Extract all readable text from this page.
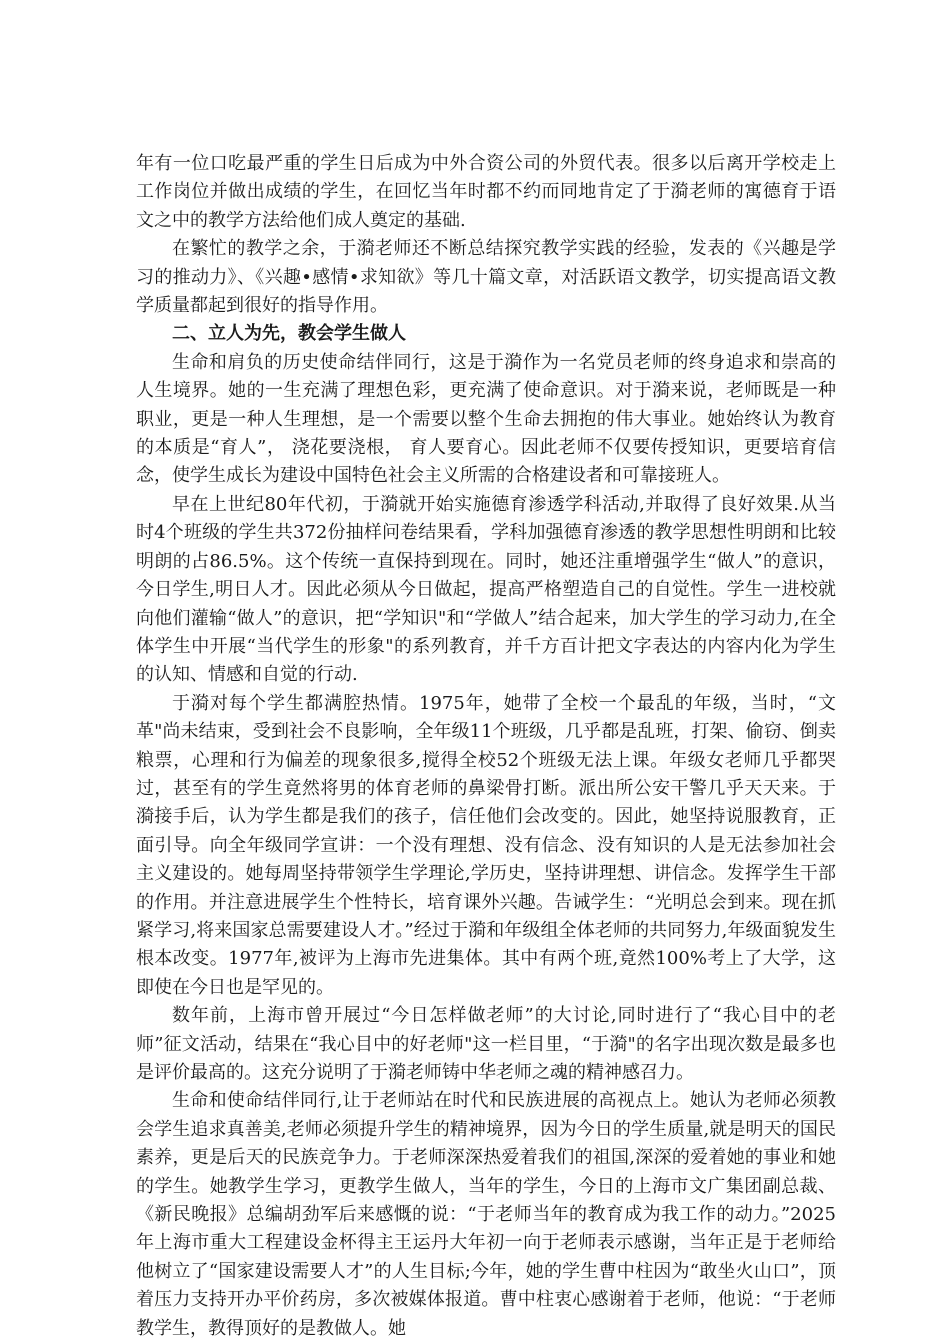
年有一位口吃最严重的学生日后成为中外合资公司的外贸代表。很多以后离开学校走上工作岗位并做出成绩的学生，在回忆当年时都不约而同地肯定了于漪老师的寓德育于语文之中的教学方法给他们成人奠定的基础.

在繁忙的教学之余，于漪老师还不断总结探究教学实践的经验，发表的《兴趣是学习的推动力》、《兴趣•感情•求知欲》等几十篇文章，对活跃语文教学，切实提高语文教学质量都起到很好的指导作用。

二、立人为先，教会学生做人

生命和肩负的历史使命结伴同行，这是于漪作为一名党员老师的终身追求和崇高的人生境界。她的一生充满了理想色彩，更充满了使命意识。对于漪来说，老师既是一种职业，更是一种人生理想，是一个需要以整个生命去拥抱的伟大事业。她始终认为教育的本质是“育人”， 浇花要浇根， 育人要育心。因此老师不仅要传授知识，更要培育信念，使学生成长为建设中国特色社会主义所需的合格建设者和可靠接班人。

早在上世纪80年代初，于漪就开始实施德育渗透学科活动,并取得了良好效果.从当时4个班级的学生共372份抽样问卷结果看，学科加强德育渗透的教学思想性明朗和比较明朗的占86.5%。这个传统一直保持到现在。同时，她还注重增强学生“做人”的意识，今日学生,明日人才。因此必须从今日做起，提高严格塑造自己的自觉性。学生一进校就向他们灌输“做人”的意识，把“学知识"和“学做人”结合起来，加大学生的学习动力,在全体学生中开展“当代学生的形象"的系列教育，并千方百计把文字表达的内容内化为学生的认知、情感和自觉的行动.

于漪对每个学生都满腔热情。1975年，她带了全校一个最乱的年级，当时，“文革"尚未结束，受到社会不良影响，全年级11个班级，几乎都是乱班，打架、偷窃、倒卖粮票，心理和行为偏差的现象很多,搅得全校52个班级无法上课。年级女老师几乎都哭过，甚至有的学生竟然将男的体育老师的鼻梁骨打断。派出所公安干警几乎天天来。于漪接手后，认为学生都是我们的孩子，信任他们会改变的。因此，她坚持说服教育，正面引导。向全年级同学宣讲：一个没有理想、没有信念、没有知识的人是无法参加社会主义建设的。她每周坚持带领学生学理论,学历史，坚持讲理想、讲信念。发挥学生干部的作用。并注意进展学生个性特长，培育课外兴趣。告诫学生：“光明总会到来。现在抓紧学习,将来国家总需要建设人才。”经过于漪和年级组全体老师的共同努力,年级面貌发生根本改变。1977年,被评为上海市先进集体。其中有两个班,竟然100%考上了大学，这即使在今日也是罕见的。

数年前，上海市曾开展过“今日怎样做老师”的大讨论,同时进行了“我心目中的老师”征文活动，结果在“我心目中的好老师"这一栏目里，“于漪"的名字出现次数是最多也是评价最高的。这充分说明了于漪老师铸中华老师之魂的精神感召力。

生命和使命结伴同行,让于老师站在时代和民族进展的高视点上。她认为老师必须教会学生追求真善美,老师必须提升学生的精神境界，因为今日的学生质量,就是明天的国民素养，更是后天的民族竞争力。于老师深深热爱着我们的祖国,深深的爱着她的事业和她的学生。她教学生学习，更教学生做人，当年的学生，今日的上海市文广集团副总裁、《新民晚报》总编胡劲军后来感慨的说：“于老师当年的教育成为我工作的动力。”2025年上海市重大工程建设金杯得主王运丹大年初一向于老师表示感谢，当年正是于老师给他树立了“国家建设需要人才”的人生目标;今年，她的学生曹中柱因为“敢坐火山口”，顶着压力支持开办平价药房，多次被媒体报道。曹中柱衷心感谢着于老师，他说：“于老师教学生，教得顶好的是教做人。她
